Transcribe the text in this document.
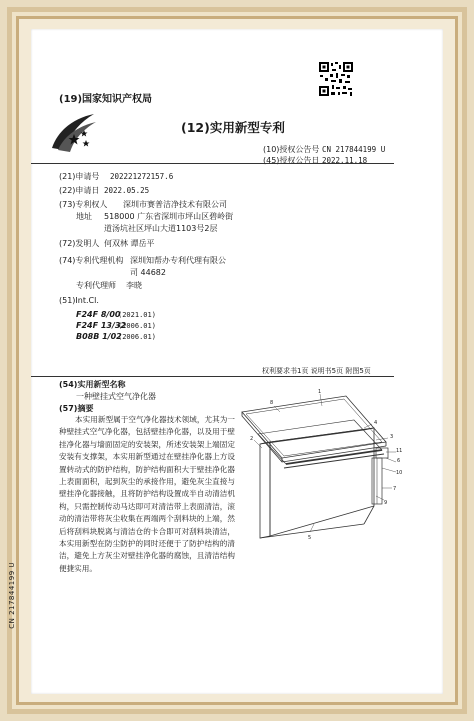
(19)国家知识产权局
(12)实用新型专利
(10)授权公告号 CN 217844199 U
(45)授权公告日 2022.11.18
(21)申请号 202221272157.6
(22)申请日 2022.05.25
(73)专利权人 深圳市赛普洁净技术有限公司
地址 518000 广东省深圳市坪山区碧岭街
道汤坑社区坪山大道1103号2层
(72)发明人 何双林 谭岳平
(74)专利代理机构 深圳知帮办专利代理有限公
司 44682
专利代理师 李晓
(51)Int.Cl.
F24F 8/00
(2021.01)
F24F 13/32
(2006.01)
B08B 1/02
(2006.01)
权利要求书1页 说明书5页 附图5页
(54)实用新型名称
一种壁挂式空气净化器
(57)摘要
本实用新型属于空气净化器技术领域，尤其为一种壁挂式空气净化器，包括壁挂净化器，以及用于壁挂净化器与墙面固定的安装架，所述安装架上端固定安装有支撑架，本实用新型通过在壁挂净化器上方设置转动式的防护结构，防护结构面积大于壁挂净化器上表面面积，起到灰尘的承接作用，避免灰尘直接与壁挂净化器接触，且将防护结构设置成半自动清洁机构，只需控制传动马达即可对清洁带上表面清洁，滚动的清洁带将灰尘收集在两端两个刮料块的上端，然后将刮料块脱离与清洁仓的卡合即可对刮料块清洁，本实用新型在防尘防护的同时还便于了防护结构的清洁，避免上方灰尘对壁挂净化器的腐蚀，且清洁结构便捷实用。
CN 217844199 U
8
1
4
3
11
6
10
7
9
2
5
